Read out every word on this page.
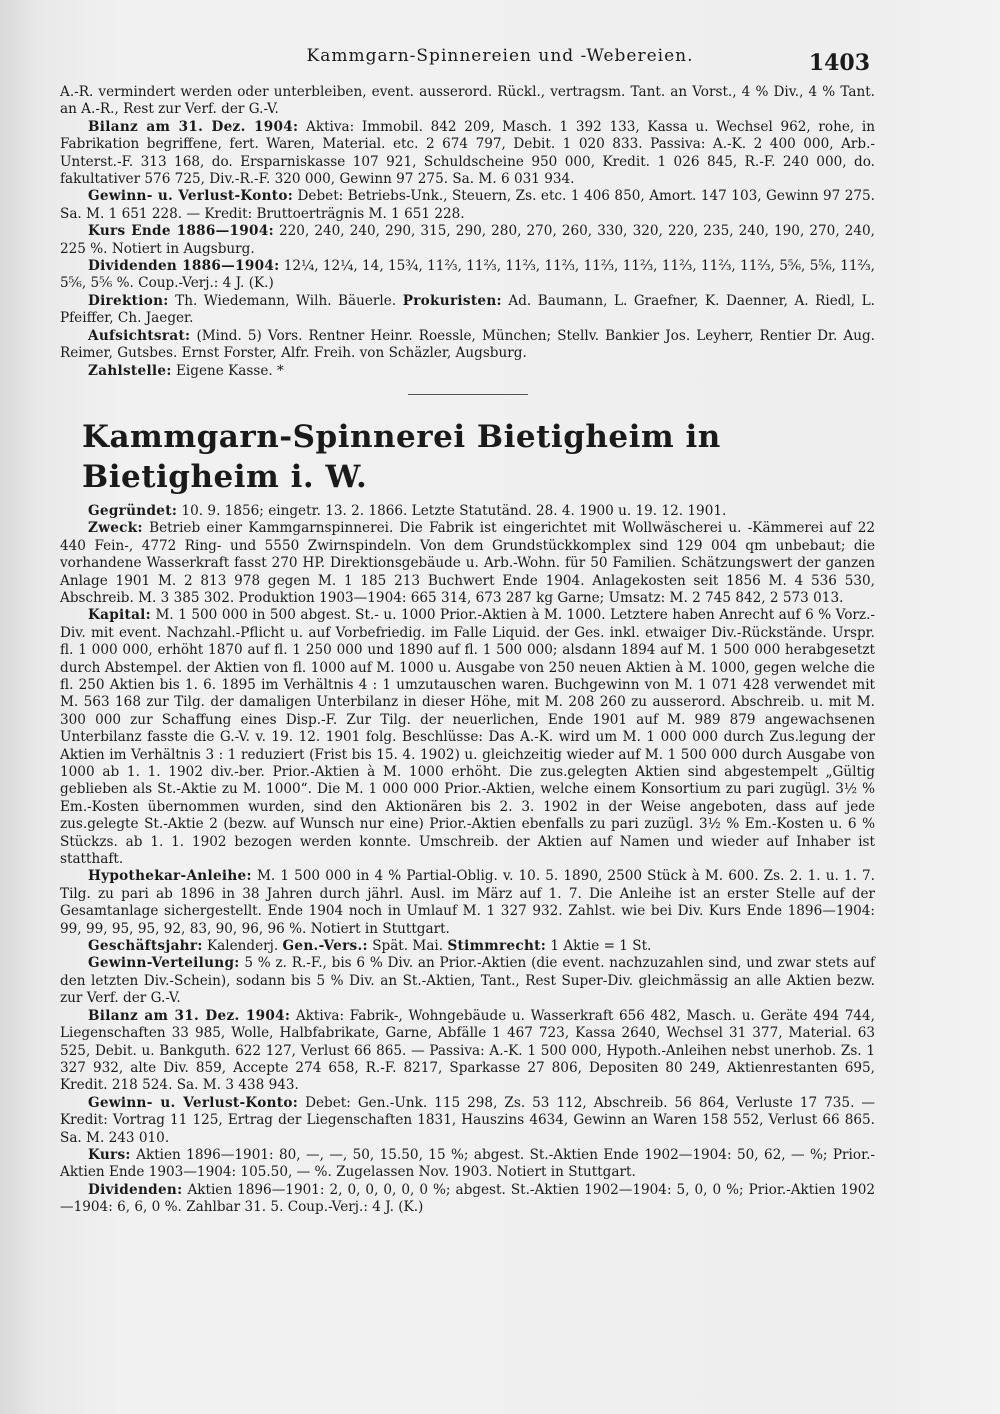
Kammgarn-Spinnereien und -Webereien.	1403

A.-R. vermindert werden oder unterbleiben, event. ausserord. Rückl., vertragsm. Tant. an Vorst., 4 % Div., 4 % Tant. an A.-R., Rest zur Verf. der G.-V.

Bilanz am 31. Dez. 1904: Aktiva: Immobil. 842 209, Masch. 1 392 133, Kassa u. Wechsel 962, rohe, in Fabrikation begriffene, fert. Waren, Material. etc. 2 674 797, Debit. 1 020 833. Passiva: A.-K. 2 400 000, Arb.-Unterst.-F. 313 168, do. Ersparniskasse 107 921, Schuldscheine 950 000, Kredit. 1 026 845, R.-F. 240 000, do. fakultativer 576 725, Div.-R.-F. 320 000, Gewinn 97 275. Sa. M. 6 031 934.

Gewinn- u. Verlust-Konto: Debet: Betriebs-Unk., Steuern, Zs. etc. 1 406 850, Amort. 147 103, Gewinn 97 275. Sa. M. 1 651 228. — Kredit: Bruttoerträgnis M. 1 651 228.

Kurs Ende 1886—1904: 220, 240, 240, 290, 315, 290, 280, 270, 260, 330, 320, 220, 235, 240, 190, 270, 240, 225 %. Notiert in Augsburg.

Dividenden 1886—1904: 12¼, 12¼, 14, 15¾, 11⅔, 11⅔, 11⅔, 11⅔, 11⅔, 11⅔, 11⅔, 11⅔, 11⅔, 5⅚, 5⅚, 11⅔, 5⅚, 5⅚ %. Coup.-Verj.: 4 J. (K.)

Direktion: Th. Wiedemann, Wilh. Bäuerle. Prokuristen: Ad. Baumann, L. Graefner, K. Daenner, A. Riedl, L. Pfeiffer, Ch. Jaeger.

Aufsichtsrat: (Mind. 5) Vors. Rentner Heinr. Roessle, München; Stellv. Bankier Jos. Leyherr, Rentier Dr. Aug. Reimer, Gutsbes. Ernst Forster, Alfr. Freih. von Schäzler, Augsburg.

Zahlstelle: Eigene Kasse. *

Kammgarn-Spinnerei Bietigheim in Bietigheim i. W.

Gegründet: 10. 9. 1856; eingetr. 13. 2. 1866. Letzte Statutänd. 28. 4. 1900 u. 19. 12. 1901.

Zweck: Betrieb einer Kammgarnspinnerei. Die Fabrik ist eingerichtet mit Wollwäscherei u. -Kämmerei auf 22 440 Fein-, 4772 Ring- und 5550 Zwirnspindeln. Von dem Grundstückkomplex sind 129 004 qm unbebaut; die vorhandene Wasserkraft fasst 270 HP. Direktionsgebäude u. Arb.-Wohn. für 50 Familien. Schätzungswert der ganzen Anlage 1901 M. 2 813 978 gegen M. 1 185 213 Buchwert Ende 1904. Anlagekosten seit 1856 M. 4 536 530, Abschreib. M. 3 385 302. Produktion 1903—1904: 665 314, 673 287 kg Garne; Umsatz: M. 2 745 842, 2 573 013.

Kapital: M. 1 500 000 in 500 abgest. St.- u. 1000 Prior.-Aktien à M. 1000. Letztere haben Anrecht auf 6 % Vorz.-Div. mit event. Nachzahl.-Pflicht u. auf Vorbefriedig. im Falle Liquid. der Ges. inkl. etwaiger Div.-Rückstände. Urspr. fl. 1 000 000, erhöht 1870 auf fl. 1 250 000 und 1890 auf fl. 1 500 000; alsdann 1894 auf M. 1 500 000 herabgesetzt durch Abstempel. der Aktien von fl. 1000 auf M. 1000 u. Ausgabe von 250 neuen Aktien à M. 1000, gegen welche die fl. 250 Aktien bis 1. 6. 1895 im Verhältnis 4 : 1 umzutauschen waren. Buchgewinn von M. 1 071 428 verwendet mit M. 563 168 zur Tilg. der damaligen Unterbilanz in dieser Höhe, mit M. 208 260 zu ausserord. Abschreib. u. mit M. 300 000 zur Schaffung eines Disp.-F. Zur Tilg. der neuerlichen, Ende 1901 auf M. 989 879 angewachsenen Unterbilanz fasste die G.-V. v. 19. 12. 1901 folg. Beschlüsse: Das A.-K. wird um M. 1 000 000 durch Zus.legung der Aktien im Verhältnis 3 : 1 reduziert (Frist bis 15. 4. 1902) u. gleichzeitig wieder auf M. 1 500 000 durch Ausgabe von 1000 ab 1. 1. 1902 div.-ber. Prior.-Aktien à M. 1000 erhöht. Die zus.gelegten Aktien sind abgestempelt „Gültig geblieben als St.-Aktie zu M. 1000“. Die M. 1 000 000 Prior.-Aktien, welche einem Konsortium zu pari zugügl. 3½ % Em.-Kosten übernommen wurden, sind den Aktionären bis 2. 3. 1902 in der Weise angeboten, dass auf jede zus.gelegte St.-Aktie 2 (bezw. auf Wunsch nur eine) Prior.-Aktien ebenfalls zu pari zuzügl. 3½ % Em.-Kosten u. 6 % Stückzs. ab 1. 1. 1902 bezogen werden konnte. Umschreib. der Aktien auf Namen und wieder auf Inhaber ist statthaft.

Hypothekar-Anleihe: M. 1 500 000 in 4 % Partial-Oblig. v. 10. 5. 1890, 2500 Stück à M. 600. Zs. 2. 1. u. 1. 7. Tilg. zu pari ab 1896 in 38 Jahren durch jährl. Ausl. im März auf 1. 7. Die Anleihe ist an erster Stelle auf der Gesamtanlage sichergestellt. Ende 1904 noch in Umlauf M. 1 327 932. Zahlst. wie bei Div. Kurs Ende 1896—1904: 99, 99, 95, 95, 92, 83, 90, 96, 96 %. Notiert in Stuttgart.

Geschäftsjahr: Kalenderj. Gen.-Vers.: Spät. Mai. Stimmrecht: 1 Aktie = 1 St.

Gewinn-Verteilung: 5 % z. R.-F., bis 6 % Div. an Prior.-Aktien (die event. nachzuzahlen sind, und zwar stets auf den letzten Div.-Schein), sodann bis 5 % Div. an St.-Aktien, Tant., Rest Super-Div. gleichmässig an alle Aktien bezw. zur Verf. der G.-V.

Bilanz am 31. Dez. 1904: Aktiva: Fabrik-, Wohngebäude u. Wasserkraft 656 482, Masch. u. Geräte 494 744, Liegenschaften 33 985, Wolle, Halbfabrikate, Garne, Abfälle 1 467 723, Kassa 2640, Wechsel 31 377, Material. 63 525, Debit. u. Bankguth. 622 127, Verlust 66 865. — Passiva: A.-K. 1 500 000, Hypoth.-Anleihen nebst unerhob. Zs. 1 327 932, alte Div. 859, Accepte 274 658, R.-F. 8217, Sparkasse 27 806, Depositen 80 249, Aktienrestanten 695, Kredit. 218 524. Sa. M. 3 438 943.

Gewinn- u. Verlust-Konto: Debet: Gen.-Unk. 115 298, Zs. 53 112, Abschreib. 56 864, Verluste 17 735. — Kredit: Vortrag 11 125, Ertrag der Liegenschaften 1831, Hauszins 4634, Gewinn an Waren 158 552, Verlust 66 865. Sa. M. 243 010.

Kurs: Aktien 1896—1901: 80, —, —, 50, 15.50, 15 %; abgest. St.-Aktien Ende 1902—1904: 50, 62, — %; Prior.-Aktien Ende 1903—1904: 105.50, — %. Zugelassen Nov. 1903. Notiert in Stuttgart.

Dividenden: Aktien 1896—1901: 2, 0, 0, 0, 0, 0 %; abgest. St.-Aktien 1902—1904: 5, 0, 0 %; Prior.-Aktien 1902—1904: 6, 6, 0 %. Zahlbar 31. 5. Coup.-Verj.: 4 J. (K.)
